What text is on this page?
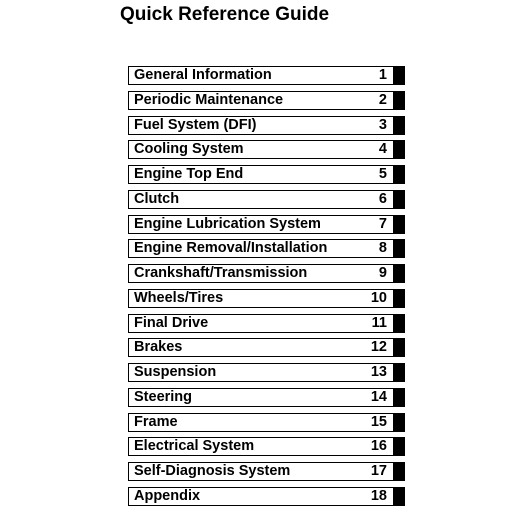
Quick Reference Guide
General Information	1
Periodic Maintenance	2
Fuel System (DFI)	3
Cooling System	4
Engine Top End	5
Clutch	6
Engine Lubrication System	7
Engine Removal/Installation	8
Crankshaft/Transmission	9
Wheels/Tires	10
Final Drive	11
Brakes	12
Suspension	13
Steering	14
Frame	15
Electrical System	16
Self-Diagnosis System	17
Appendix	18
